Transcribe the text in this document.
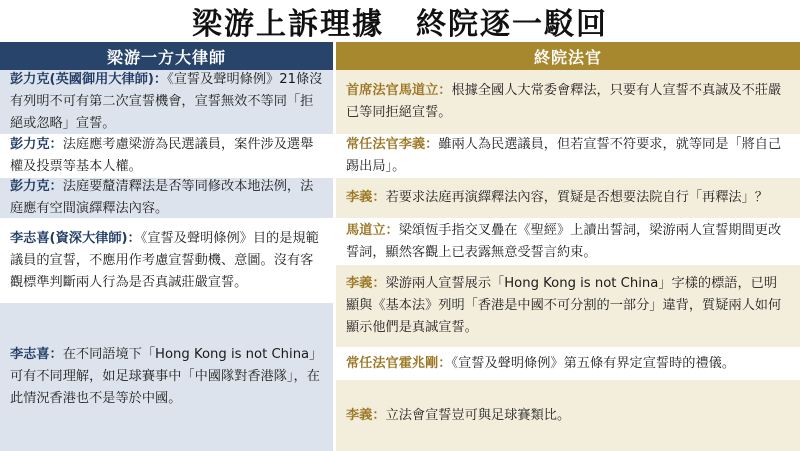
梁游上訴理據　終院逐一駁回
梁游一方大律師	終院法官
彭力克(英國御用大律師)：《宣誓及聲明條例》21條沒有列明不可有第二次宣誓機會，宣誓無效不等同「拒絕或忽略」宣誓。
彭力克：法庭應考慮梁游為民選議員，案件涉及選舉權及投票等基本人權。
彭力克：法庭要釐清釋法是否等同修改本地法例，法庭應有空間演繹釋法內容。
李志喜(資深大律師)：《宣誓及聲明條例》目的是規範議員的宣誓，不應用作考慮宣誓動機、意圖。沒有客觀標準判斷兩人行為是否真誠莊嚴宣誓。
李志喜：在不同語境下「Hong Kong is not China」可有不同理解，如足球賽事中「中國隊對香港隊」，在此情況香港也不是等於中國。
首席法官馬道立：根據全國人大常委會釋法，只要有人宣誓不真誠及不莊嚴已等同拒絕宣誓。
常任法官李義：雖兩人為民選議員，但若宣誓不符要求，就等同是「將自己踢出局」。
李義：若要求法庭再演繹釋法內容，質疑是否想要法院自行「再釋法」？
馬道立：梁頌恆手指交叉疊在《聖經》上讀出誓詞，梁游兩人宣誓期間更改誓詞，顯然客觀上已表露無意受誓言約束。
李義：梁游兩人宣誓展示「Hong Kong is not China」字樣的標語，已明顯與《基本法》列明「香港是中國不可分割的一部分」違背，質疑兩人如何顯示他們是真誠宣誓。
常任法官霍兆剛：《宣誓及聲明條例》第五條有界定宣誓時的禮儀。
李義：立法會宣誓豈可與足球賽類比。
